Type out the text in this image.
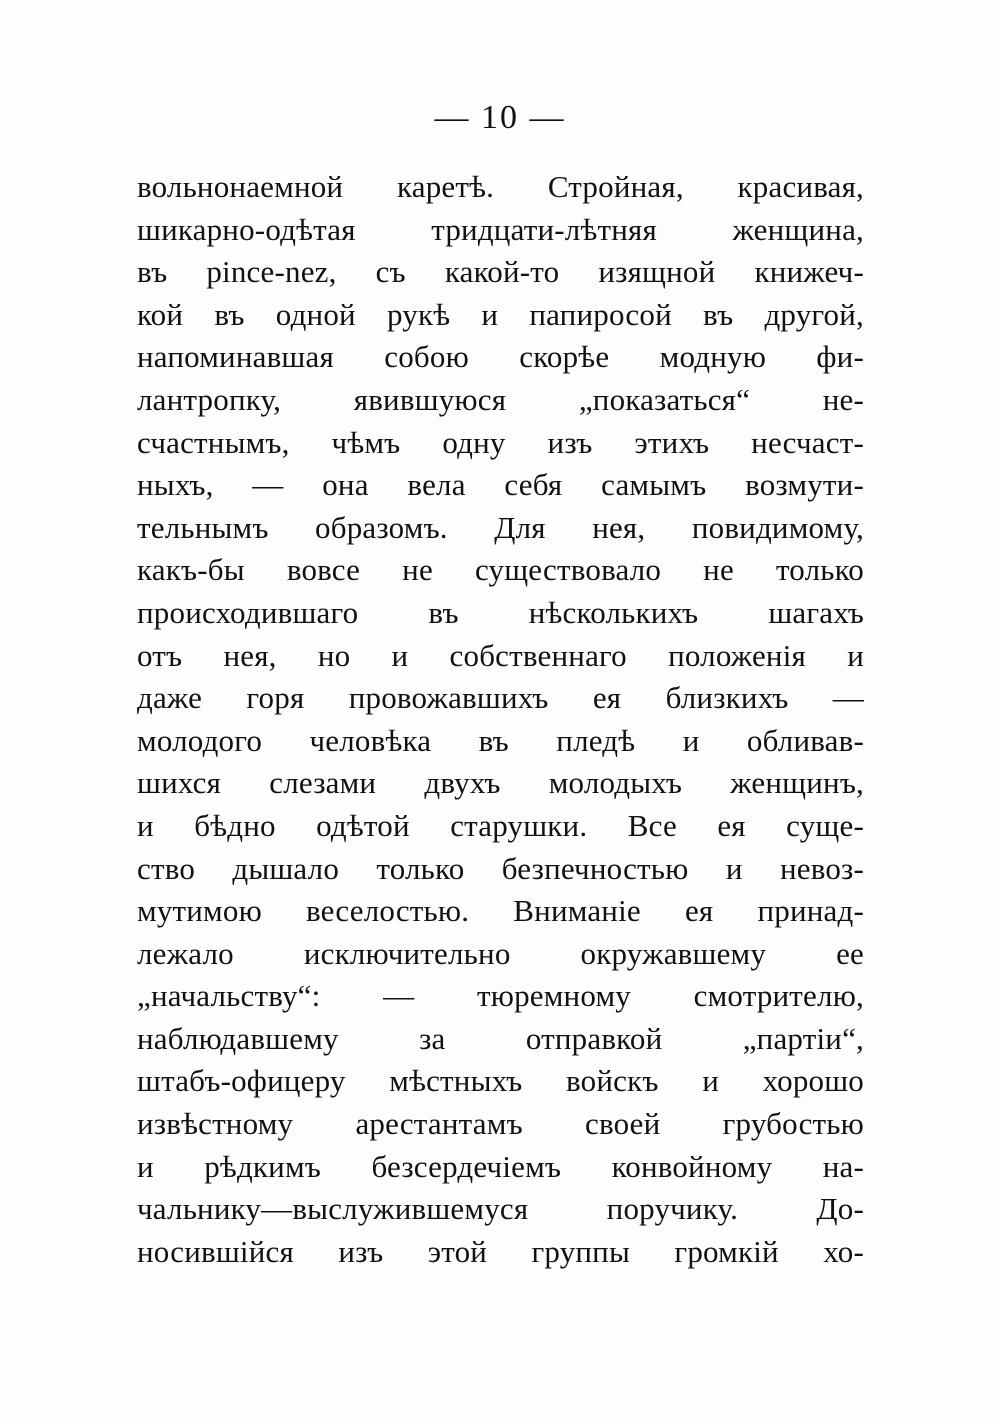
— 10 —
вольнонаемной каретѣ. Стройная, красивая,
шикарно-одѣтая тридцати-лѣтняя женщина,
въ pince-nez, съ какой-то изящной книжеч-
кой въ одной рукѣ и папиросой въ другой,
напоминавшая собою скорѣе модную фи-
лантропку, явившуюся „показаться“ не-
счастнымъ, чѣмъ одну изъ этихъ несчаст-
ныхъ, — она вела себя самымъ возмути-
тельнымъ образомъ. Для нея, повидимому,
какъ-бы вовсе не существовало не только
происходившаго въ нѣсколькихъ шагахъ
отъ нея, но и собственнаго положенія и
даже горя провожавшихъ ея близкихъ —
молодого человѣка въ пледѣ и обливав-
шихся слезами двухъ молодыхъ женщинъ,
и бѣдно одѣтой старушки. Все ея суще-
ство дышало только безпечностью и невоз-
мутимою веселостью. Вниманіе ея принад-
лежало исключительно окружавшему ее
„начальству“: — тюремному смотрителю,
наблюдавшему за отправкой „партіи“,
штабъ-офицеру мѣстныхъ войскъ и хорошо
извѣстному арестантамъ своей грубостью
и рѣдкимъ безсердечіемъ конвойному на-
чальнику—выслужившемуся поручику. До-
носившійся изъ этой группы громкій хо-
